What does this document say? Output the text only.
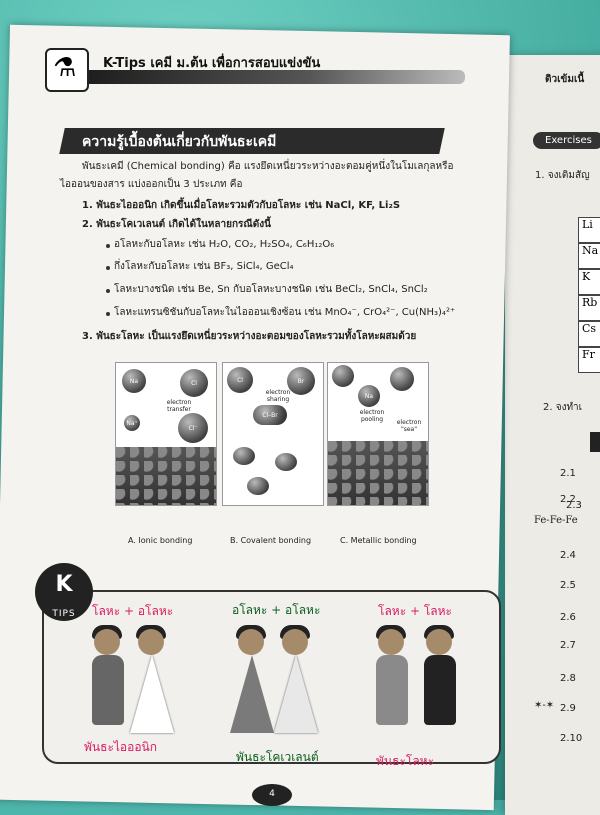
ติวเข้มเนื้
Exercises
1. จงเติมสัญ
Li
Na
K
Rb
Cs
Fr
2. จงทำเ
2.1
2.2
2.3
Fe-Fe-Fe
2.4
2.5
2.6
2.7
2.8
✶-✶ 2.9
2.10
⚗ K-Tips เคมี ม.ต้น เพื่อการสอบแข่งขัน
ความรู้เบื้องต้นเกี่ยวกับพันธะเคมี
พันธะเคมี (Chemical bonding) คือ แรงยึดเหนี่ยวระหว่างอะตอมคู่หนึ่งในโมเลกุลหรือ
ไอออนของสาร แบ่งออกเป็น 3 ประเภท คือ
1. พันธะไอออนิก เกิดขึ้นเมื่อโลหะรวมตัวกับอโลหะ เช่น NaCl, KF, Li₂S
2. พันธะโคเวเลนต์ เกิดได้ในหลายกรณีดังนี้
อโลหะกับอโลหะ เช่น H₂O, CO₂, H₂SO₄, C₆H₁₂O₆
กึ่งโลหะกับอโลหะ เช่น BF₃, SiCl₄, GeCl₄
โลหะบางชนิด เช่น Be, Sn กับอโลหะบางชนิด เช่น BeCl₂, SnCl₄, SnCl₂
โลหะแทรนซิชันกับอโลหะในไอออนเชิงซ้อน เช่น MnO₄⁻, CrO₄²⁻, Cu(NH₃)₄²⁺
3. พันธะโลหะ เป็นแรงยึดเหนี่ยวระหว่างอะตอมของโลหะรวมทั้งโลหะผสมด้วย
Na	Cl
electron transfer
Na⁺
Cl⁻
A. Ionic bonding
Cl	Br
electron sharing
Cl–Br
B. Covalent bonding
Na
electron pooling	electron "sea"
C. Metallic bonding
K
TIPS	โลหะ + อโลหะ	อโลหะ + อโลหะ	โลหะ + โลหะ
พันธะไอออนิก
พันธะโคเวเลนต์	พันธะโลหะ
4
